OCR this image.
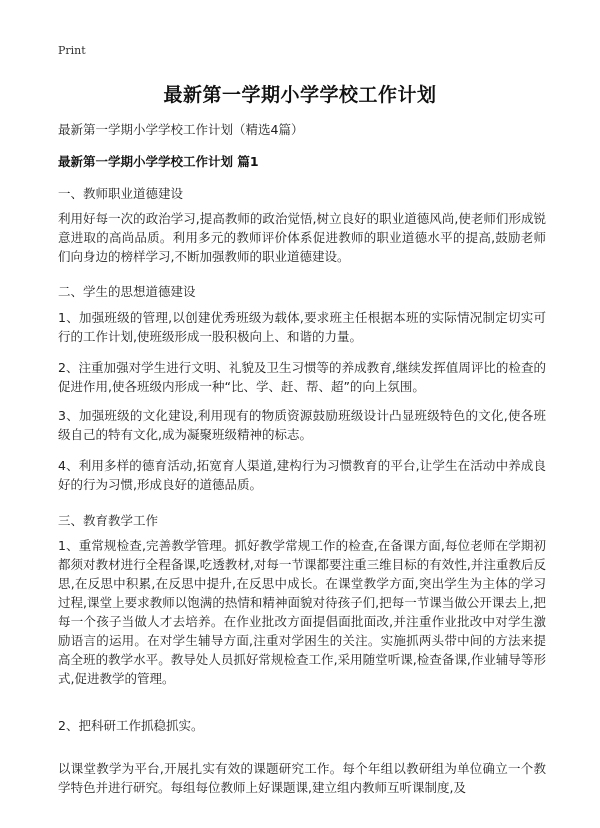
Print
最新第一学期小学学校工作计划
最新第一学期小学学校工作计划（精选4篇）
最新第一学期小学学校工作计划 篇1
一、教师职业道德建设
利用好每一次的政治学习,提高教师的政治觉悟,树立良好的职业道德风尚,使老师们形成锐意进取的高尚品质。利用多元的教师评价体系促进教师的职业道德水平的提高,鼓励老师们向身边的榜样学习,不断加强教师的职业道德建设。
二、学生的思想道德建设
1、加强班级的管理,以创建优秀班级为载体,要求班主任根据本班的实际情况制定切实可行的工作计划,使班级形成一股积极向上、和谐的力量。
2、注重加强对学生进行文明、礼貌及卫生习惯等的养成教育,继续发挥值周评比的检查的促进作用,使各班级内形成一种“比、学、赶、帮、超”的向上氛围。
3、加强班级的文化建设,利用现有的物质资源鼓励班级设计凸显班级特色的文化,使各班级自己的特有文化,成为凝聚班级精神的标志。
4、利用多样的德育活动,拓宽育人渠道,建构行为习惯教育的平台,让学生在活动中养成良好的行为习惯,形成良好的道德品质。
三、教育教学工作
1、重常规检查,完善教学管理。抓好教学常规工作的检查,在备课方面,每位老师在学期初都须对教材进行全程备课,吃透教材,对每一节课都要注重三维目标的有效性,并注重教后反思,在反思中积累,在反思中提升,在反思中成长。在课堂教学方面,突出学生为主体的学习过程,课堂上要求教师以饱满的热情和精神面貌对待孩子们,把每一节课当做公开课去上,把每一个孩子当做人才去培养。在作业批改方面提倡面批面改,并注重作业批改中对学生激励语言的运用。在对学生辅导方面,注重对学困生的关注。实施抓两头带中间的方法来提高全班的教学水平。教导处人员抓好常规检查工作,采用随堂听课,检查备课,作业辅导等形式,促进教学的管理。
2、把科研工作抓稳抓实。
以课堂教学为平台,开展扎实有效的课题研究工作。每个年组以教研组为单位确立一个教学特色并进行研究。每组每位教师上好课题课,建立组内教师互听课制度,及
